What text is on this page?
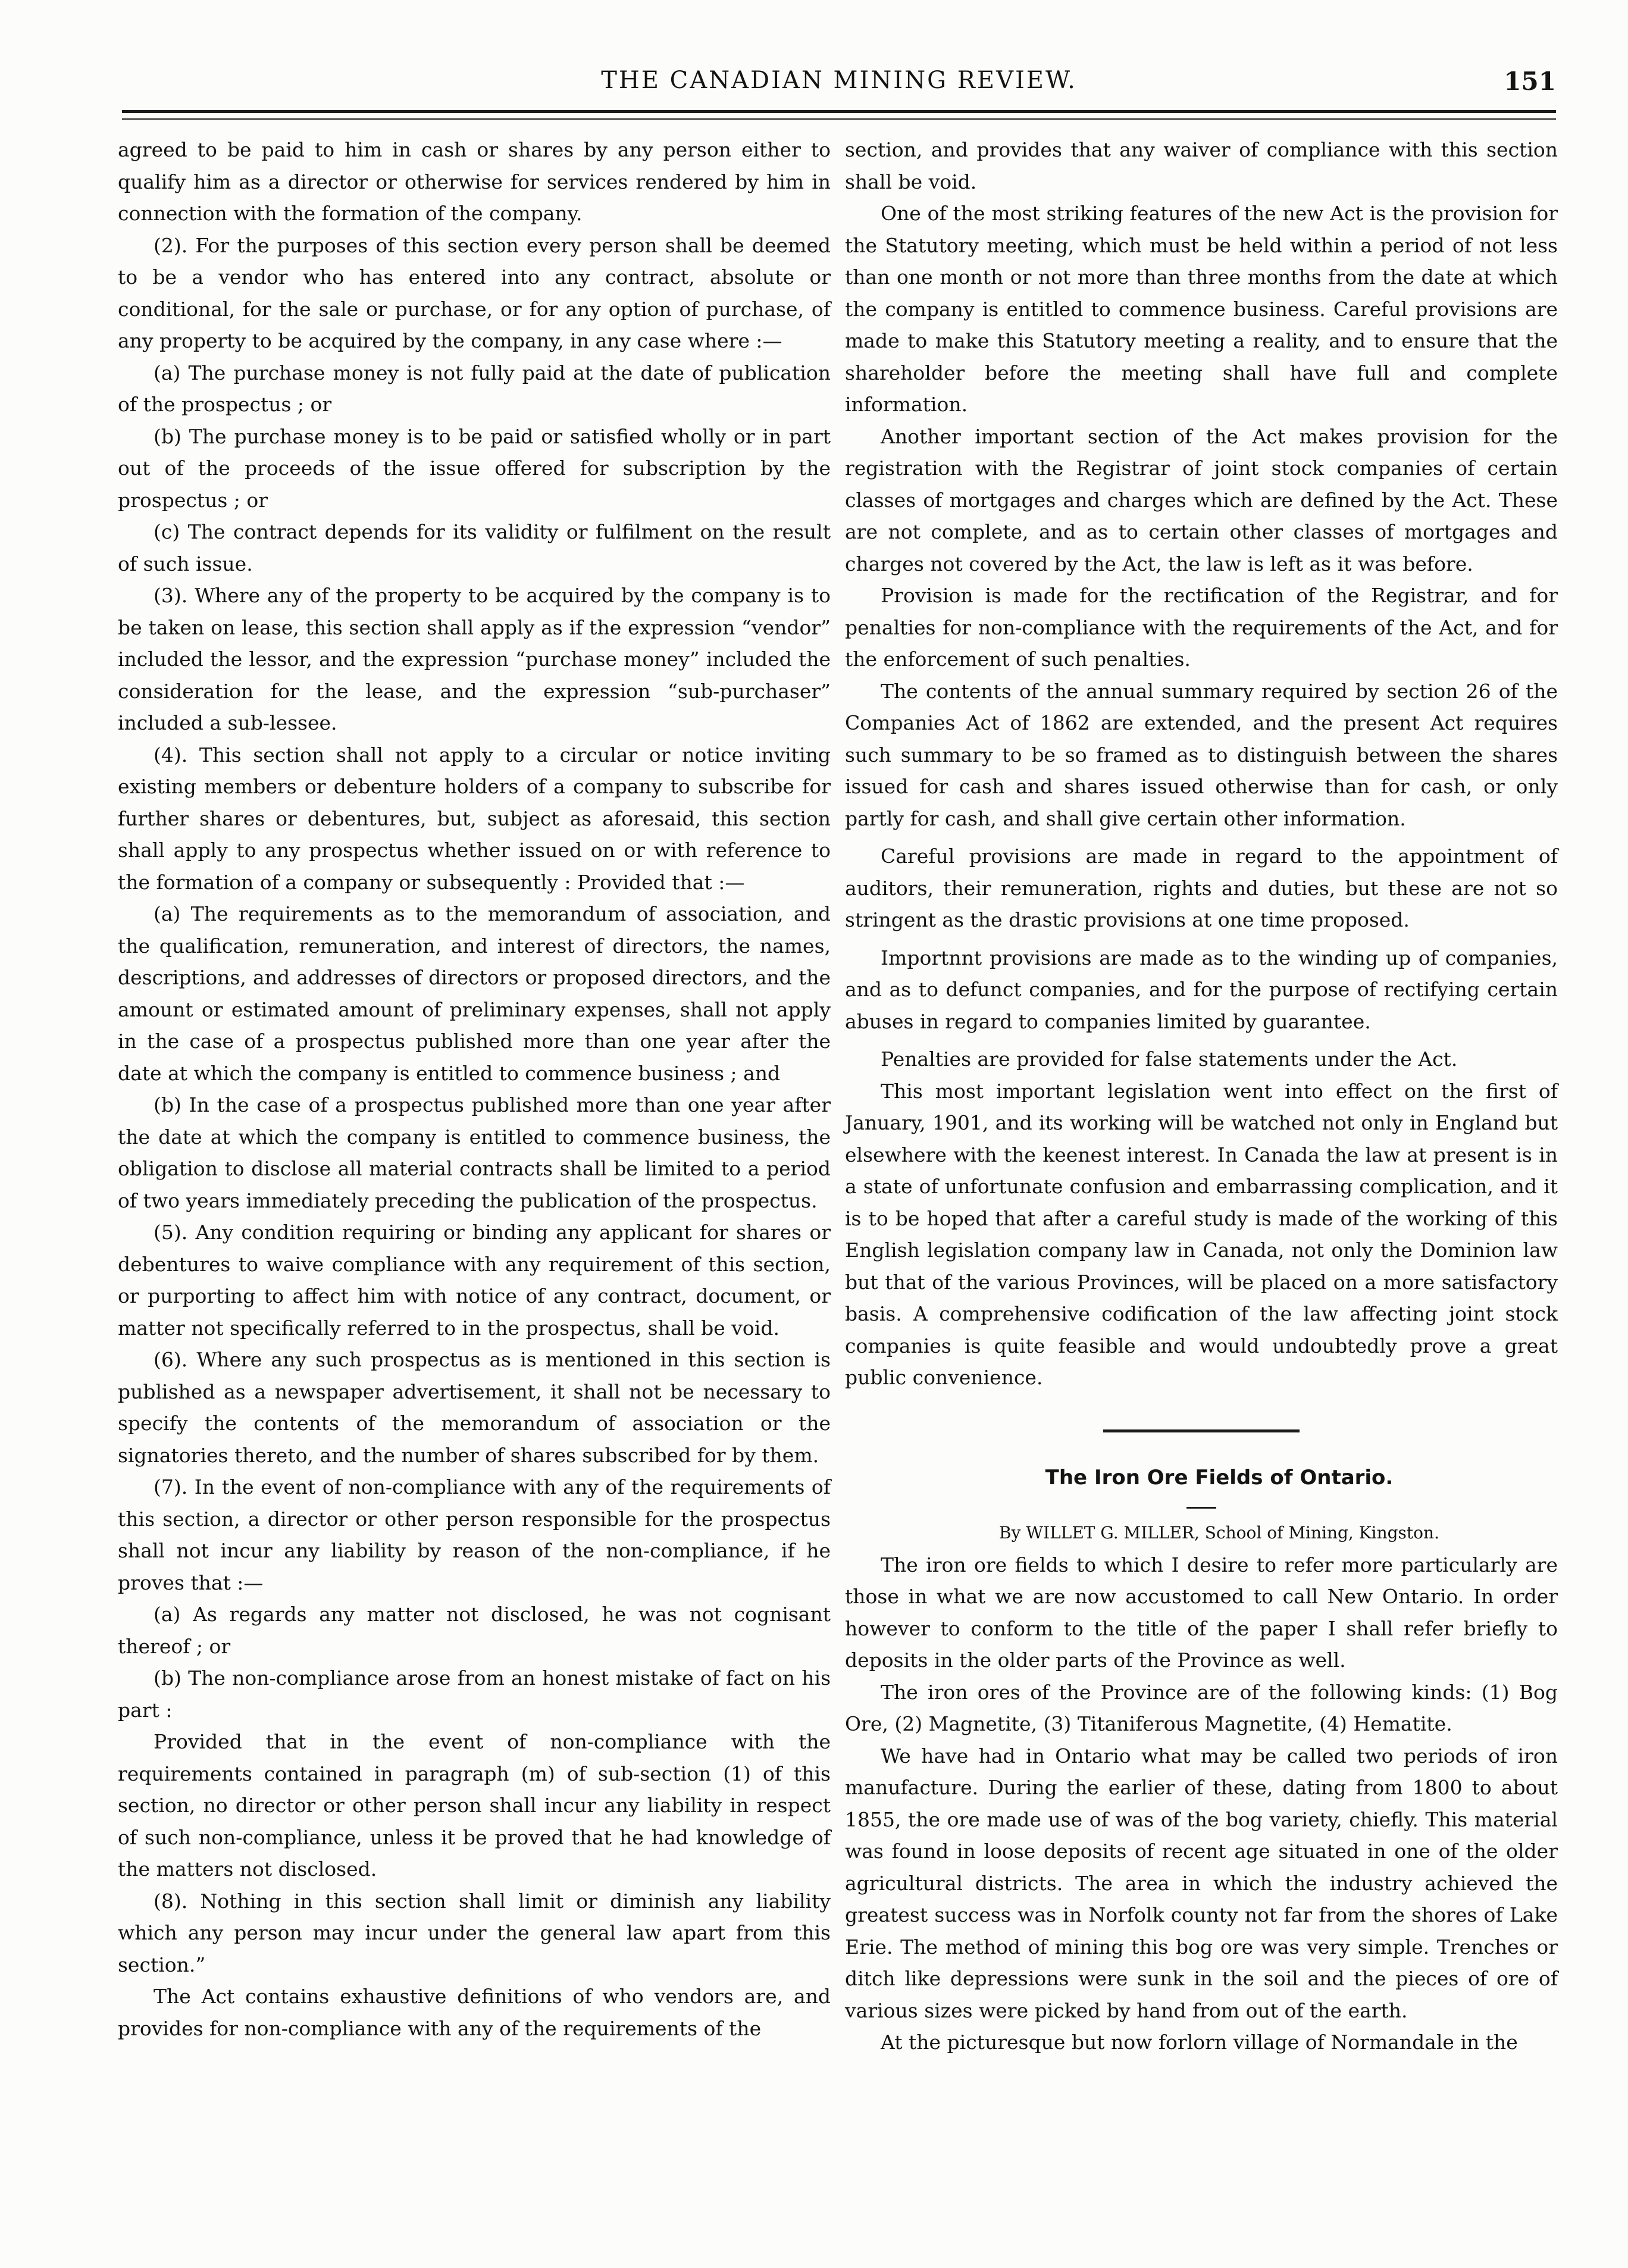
THE CANADIAN MINING REVIEW.	151

agreed to be paid to him in cash or shares by any person either to qualify him as a director or otherwise for services rendered by him in connection with the formation of the company.

(2). For the purposes of this section every person shall be deemed to be a vendor who has entered into any contract, absolute or conditional, for the sale or purchase, or for any option of purchase, of any property to be acquired by the company, in any case where :—

(a) The purchase money is not fully paid at the date of publication of the prospectus ; or

(b) The purchase money is to be paid or satisfied wholly or in part out of the proceeds of the issue offered for subscription by the prospectus ; or

(c) The contract depends for its validity or fulfilment on the result of such issue.

(3). Where any of the property to be acquired by the company is to be taken on lease, this section shall apply as if the expression “vendor” included the lessor, and the expression “purchase money” included the consideration for the lease, and the expression “sub-purchaser” included a sub-lessee.

(4). This section shall not apply to a circular or notice inviting existing members or debenture holders of a company to subscribe for further shares or debentures, but, subject as aforesaid, this section shall apply to any prospectus whether issued on or with reference to the formation of a company or subsequently : Provided that :—

(a) The requirements as to the memorandum of association, and the qualification, remuneration, and interest of directors, the names, descriptions, and addresses of directors or proposed directors, and the amount or estimated amount of preliminary expenses, shall not apply in the case of a prospectus published more than one year after the date at which the company is entitled to commence business ; and

(b) In the case of a prospectus published more than one year after the date at which the company is entitled to commence business, the obligation to disclose all material contracts shall be limited to a period of two years immediately preceding the publication of the prospectus.

(5). Any condition requiring or binding any applicant for shares or debentures to waive compliance with any requirement of this section, or purporting to affect him with notice of any contract, document, or matter not specifically referred to in the prospectus, shall be void.

(6). Where any such prospectus as is mentioned in this section is published as a newspaper advertisement, it shall not be necessary to specify the contents of the memorandum of association or the signatories thereto, and the number of shares subscribed for by them.

(7). In the event of non-compliance with any of the requirements of this section, a director or other person responsible for the prospectus shall not incur any liability by reason of the non-compliance, if he proves that :—

(a) As regards any matter not disclosed, he was not cognisant thereof ; or

(b) The non-compliance arose from an honest mistake of fact on his part :

Provided that in the event of non-compliance with the requirements contained in paragraph (m) of sub-section (1) of this section, no director or other person shall incur any liability in respect of such non-compliance, unless it be proved that he had knowledge of the matters not disclosed.

(8). Nothing in this section shall limit or diminish any liability which any person may incur under the general law apart from this section.”

The Act contains exhaustive definitions of who vendors are, and provides for non-compliance with any of the requirements of the

section, and provides that any waiver of compliance with this section shall be void.

One of the most striking features of the new Act is the provision for the Statutory meeting, which must be held within a period of not less than one month or not more than three months from the date at which the company is entitled to commence business. Careful provisions are made to make this Statutory meeting a reality, and to ensure that the shareholder before the meeting shall have full and complete information.

Another important section of the Act makes provision for the registration with the Registrar of joint stock companies of certain classes of mortgages and charges which are defined by the Act. These are not complete, and as to certain other classes of mortgages and charges not covered by the Act, the law is left as it was before.

Provision is made for the rectification of the Registrar, and for penalties for non-compliance with the requirements of the Act, and for the enforcement of such penalties.

The contents of the annual summary required by section 26 of the Companies Act of 1862 are extended, and the present Act requires such summary to be so framed as to distinguish between the shares issued for cash and shares issued otherwise than for cash, or only partly for cash, and shall give certain other information.

Careful provisions are made in regard to the appointment of auditors, their remuneration, rights and duties, but these are not so stringent as the drastic provisions at one time proposed.

Importnnt provisions are made as to the winding up of companies, and as to defunct companies, and for the purpose of rectifying certain abuses in regard to companies limited by guarantee.

Penalties are provided for false statements under the Act.

This most important legislation went into effect on the first of January, 1901, and its working will be watched not only in England but elsewhere with the keenest interest. In Canada the law at present is in a state of unfortunate confusion and embarrassing complication, and it is to be hoped that after a careful study is made of the working of this English legislation company law in Canada, not only the Dominion law but that of the various Provinces, will be placed on a more satisfactory basis. A comprehensive codification of the law affecting joint stock companies is quite feasible and would undoubtedly prove a great public convenience.

The Iron Ore Fields of Ontario.

By WILLET G. MILLER, School of Mining, Kingston.

The iron ore fields to which I desire to refer more particularly are those in what we are now accustomed to call New Ontario. In order however to conform to the title of the paper I shall refer briefly to deposits in the older parts of the Province as well.

The iron ores of the Province are of the following kinds: (1) Bog Ore, (2) Magnetite, (3) Titaniferous Magnetite, (4) Hematite.

We have had in Ontario what may be called two periods of iron manufacture. During the earlier of these, dating from 1800 to about 1855, the ore made use of was of the bog variety, chiefly. This material was found in loose deposits of recent age situated in one of the older agricultural districts. The area in which the industry achieved the greatest success was in Norfolk county not far from the shores of Lake Erie. The method of mining this bog ore was very simple. Trenches or ditch like depressions were sunk in the soil and the pieces of ore of various sizes were picked by hand from out of the earth.

At the picturesque but now forlorn village of Normandale in the
